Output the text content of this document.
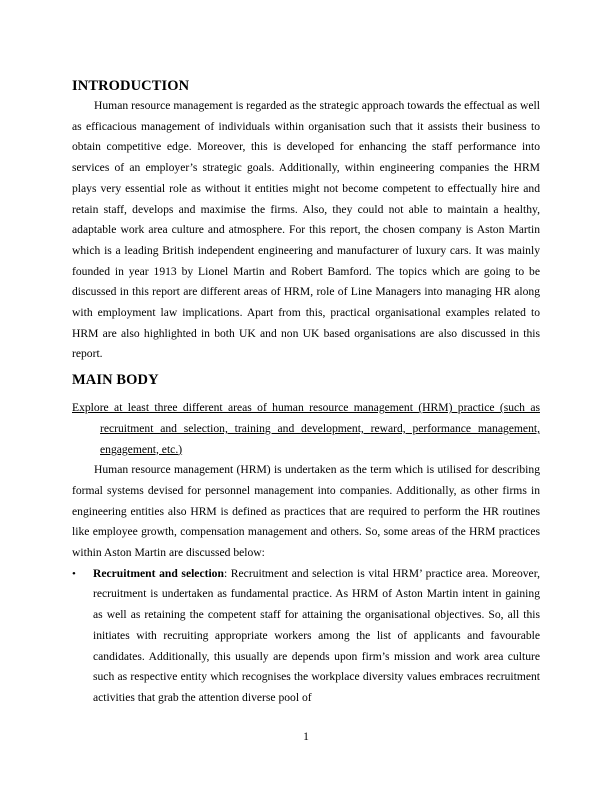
INTRODUCTION

Human resource management is regarded as the strategic approach towards the effectual as well as efficacious management of individuals within organisation such that it assists their business to obtain competitive edge. Moreover, this is developed for enhancing the staff performance into services of an employer’s strategic goals. Additionally, within engineering companies the HRM plays very essential role as without it entities might not become competent to effectually hire and retain staff, develops and maximise the firms. Also, they could not able to maintain a healthy, adaptable work area culture and atmosphere. For this report, the chosen company is Aston Martin which is a leading British independent engineering and manufacturer of luxury cars. It was mainly founded in year 1913 by Lionel Martin and Robert Bamford. The topics which are going to be discussed in this report are different areas of HRM, role of Line Managers into managing HR along with employment law implications. Apart from this, practical organisational examples related to HRM are also highlighted in both UK and non UK based organisations are also discussed in this report.

MAIN BODY

Explore at least three different areas of human resource management (HRM) practice (such as recruitment and selection, training and development, reward, performance management, engagement, etc.)

Human resource management (HRM) is undertaken as the term which is utilised for describing formal systems devised for personnel management into companies. Additionally, as other firms in engineering entities also HRM is defined as practices that are required to perform the HR routines like employee growth, compensation management and others. So, some areas of the HRM practices within Aston Martin are discussed below:

• Recruitment and selection: Recruitment and selection is vital HRM’ practice area. Moreover, recruitment is undertaken as fundamental practice. As HRM of Aston Martin intent in gaining as well as retaining the competent staff for attaining the organisational objectives. So, all this initiates with recruiting appropriate workers among the list of applicants and favourable candidates. Additionally, this usually are depends upon firm’s mission and work area culture such as respective entity which recognises the workplace diversity values embraces recruitment activities that grab the attention diverse pool of
1
